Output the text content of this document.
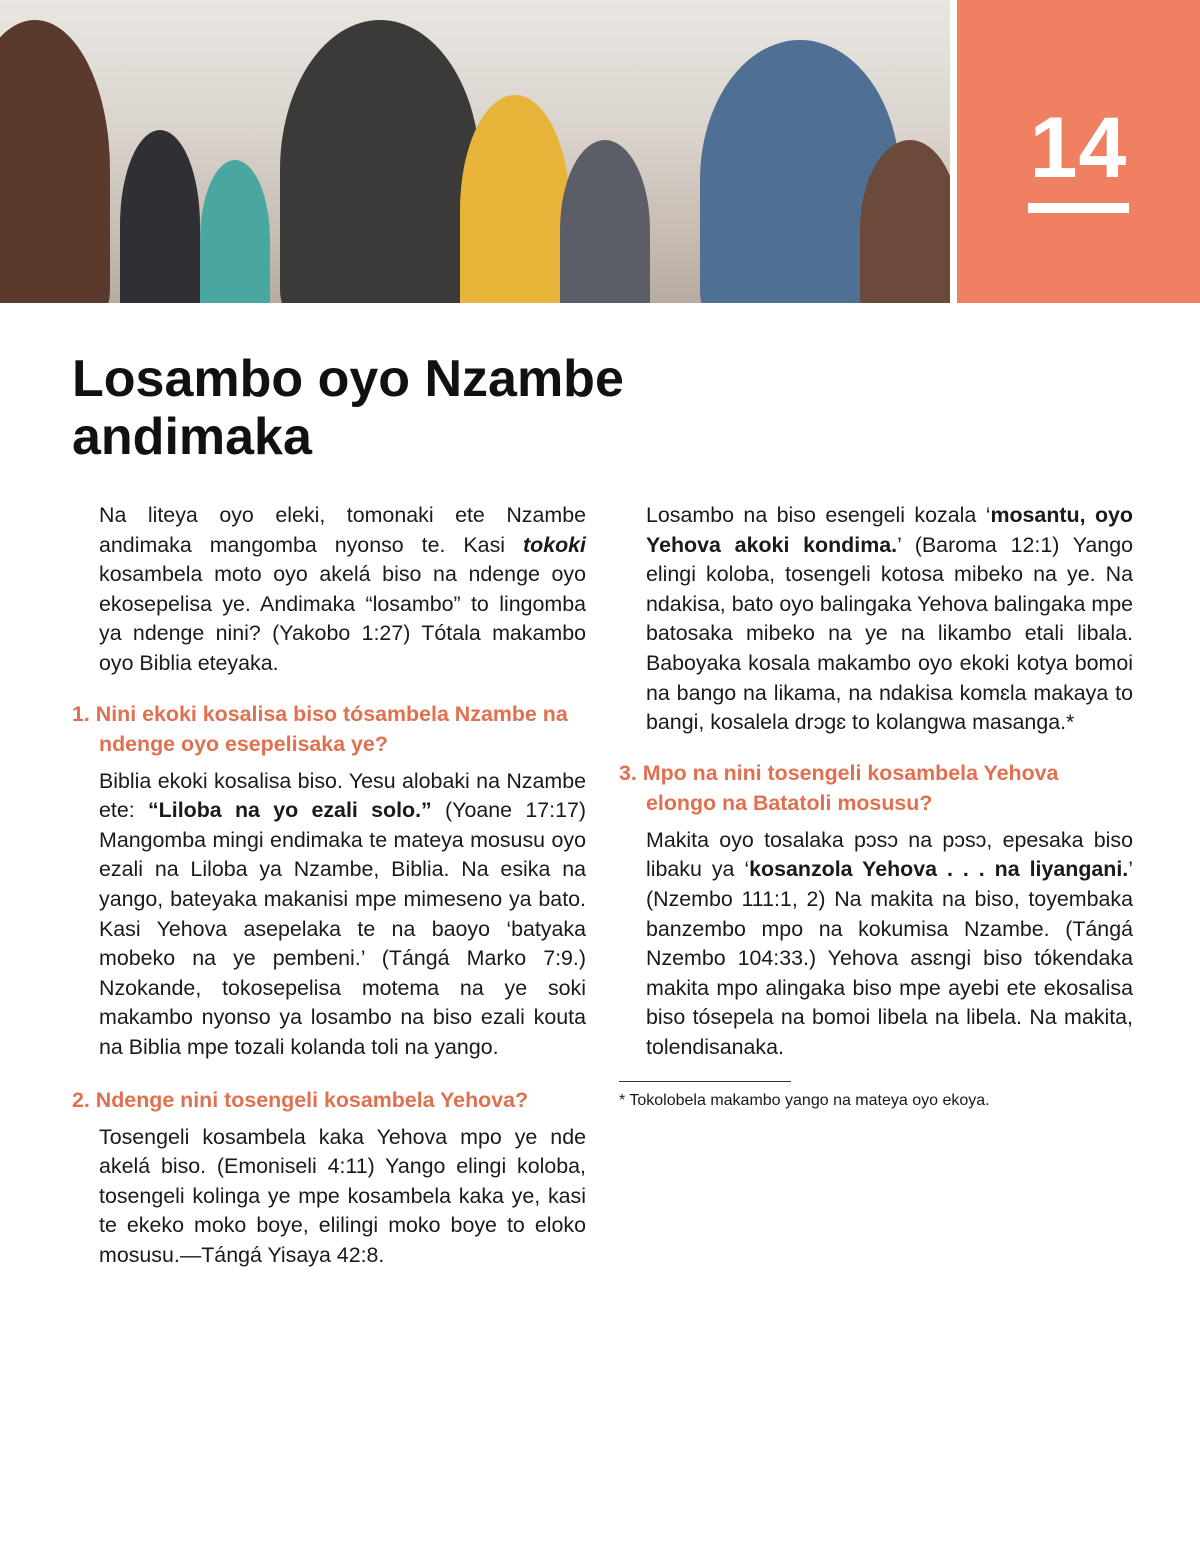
14
Losambo oyo Nzambe andimaka

Na liteya oyo eleki, tomonaki ete Nzambe andimaka mangomba nyonso te. Kasi tokoki kosambela moto oyo akelá biso na ndenge oyo ekosepelisa ye. Andimaka “losambo” to lingomba ya ndenge nini? (Yakobo 1:27) Tótala makambo oyo Biblia eteyaka.

1. Nini ekoki kosalisa biso tósambela Nzambe na ndenge oyo esepelisaka ye?

Biblia ekoki kosalisa biso. Yesu alobaki na Nzambe ete: “Liloba na yo ezali solo.” (Yoane 17:17) Mangomba mingi endimaka te mateya mosusu oyo ezali na Liloba ya Nzambe, Biblia. Na esika na yango, bateyaka makanisi mpe mimeseno ya bato. Kasi Yehova asepelaka te na baoyo ‘batyaka mobeko na ye pembeni.’ (Tángá Marko 7:9.) Nzokande, tokosepelisa motema na ye soki makambo nyonso ya losambo na biso ezali kouta na Biblia mpe tozali kolanda toli na yango.

2. Ndenge nini tosengeli kosambela Yehova?

Tosengeli kosambela kaka Yehova mpo ye nde akelá biso. (Emoniseli 4:11) Yango elingi koloba, tosengeli kolinga ye mpe kosambela kaka ye, kasi te ekeko moko boye, elilingi moko boye to eloko mosusu.—Tángá Yisaya 42:8.

Losambo na biso esengeli kozala ‘mosantu, oyo Yehova akoki kondima.’ (Baroma 12:1) Yango elingi koloba, tosengeli kotosa mibeko na ye. Na ndakisa, bato oyo balingaka Yehova balingaka mpe batosaka mibeko na ye na likambo etali libala. Baboyaka kosala makambo oyo ekoki kotya bomoi na bango na likama, na ndakisa komɛla makaya to bangi, kosalela drɔgɛ to kolangwa masanga.*

3. Mpo na nini tosengeli kosambela Yehova elongo na Batatoli mosusu?

Makita oyo tosalaka pɔsɔ na pɔsɔ, epesaka biso libaku ya ‘kosanzola Yehova . . . na liyangani.’ (Nzembo 111:1, 2) Na makita na biso, toyembaka banzembo mpo na kokumisa Nzambe. (Tángá Nzembo 104:33.) Yehova asɛngi biso tókendaka makita mpo alingaka biso mpe ayebi ete ekosalisa biso tósepela na bomoi libela na libela. Na makita, tolendisanaka.

* Tokolobela makambo yango na mateya oyo ekoya.
